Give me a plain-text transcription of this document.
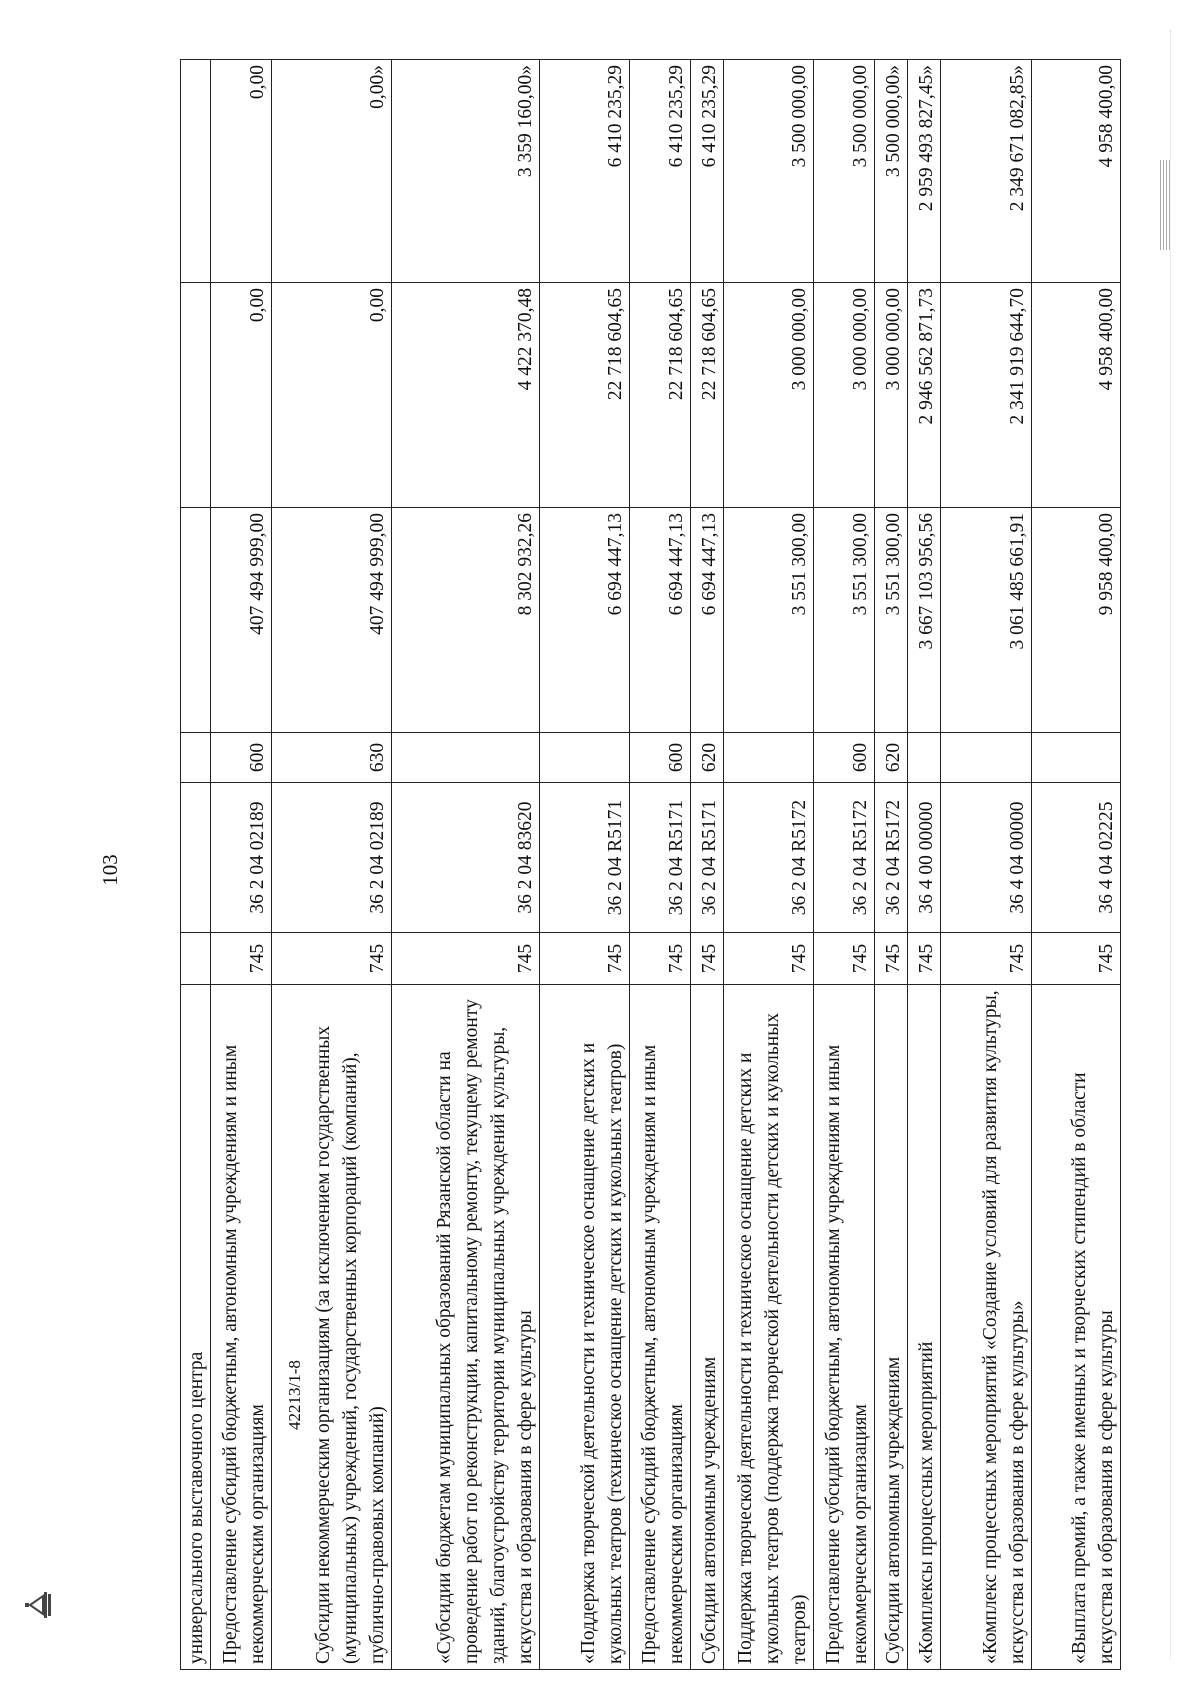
103
универсального выставочного центра						
Предоставление субсидий бюджетным, автономным учреждениям и иным некоммерческим организациям	745	36 2 04 02189	600	407 494 999,00	0,00	0,00
Субсидии некоммерческим организациям (за исключением государственных (муниципальных) учреждений, государственных корпораций (компаний), публично-правовых компаний)	745	36 2 04 02189	630	407 494 999,00	0,00	0,00»
«Субсидии бюджетам муниципальных образований Рязанской области на проведение работ по реконструкции, капитальному ремонту, текущему ремонту зданий, благоустройству территории муниципальных учреждений культуры, искусства и образования в сфере культуры	745	36 2 04 83620		8 302 932,26	4 422 370,48	3 359 160,00»
«Поддержка творческой деятельности и техническое оснащение детских и кукольных театров (техническое оснащение детских и кукольных театров)	745	36 2 04 R5171		6 694 447,13	22 718 604,65	6 410 235,29
Предоставление субсидий бюджетным, автономным учреждениям и иным некоммерческим организациям	745	36 2 04 R5171	600	6 694 447,13	22 718 604,65	6 410 235,29
Субсидии автономным учреждениям	745	36 2 04 R5171	620	6 694 447,13	22 718 604,65	6 410 235,29
Поддержка творческой деятельности и техническое оснащение детских и кукольных театров (поддержка творческой деятельности детских и кукольных театров)	745	36 2 04 R5172		3 551 300,00	3 000 000,00	3 500 000,00
Предоставление субсидий бюджетным, автономным учреждениям и иным некоммерческим организациям	745	36 2 04 R5172	600	3 551 300,00	3 000 000,00	3 500 000,00
Субсидии автономным учреждениям	745	36 2 04 R5172	620	3 551 300,00	3 000 000,00	3 500 000,00»
«Комплексы процессных мероприятий	745	36 4 00 00000		3 667 103 956,56	2 946 562 871,73	2 959 493 827,45»
«Комплекс процессных мероприятий «Создание условий для развития культуры, искусства и образования в сфере культуры»	745	36 4 04 00000		3 061 485 661,91	2 341 919 644,70	2 349 671 082,85»
«Выплата премий, а также именных и творческих стипендий в области искусства и образования в сфере культуры	745	36 4 04 02225		9 958 400,00	4 958 400,00	4 958 400,00
42213/1-8
